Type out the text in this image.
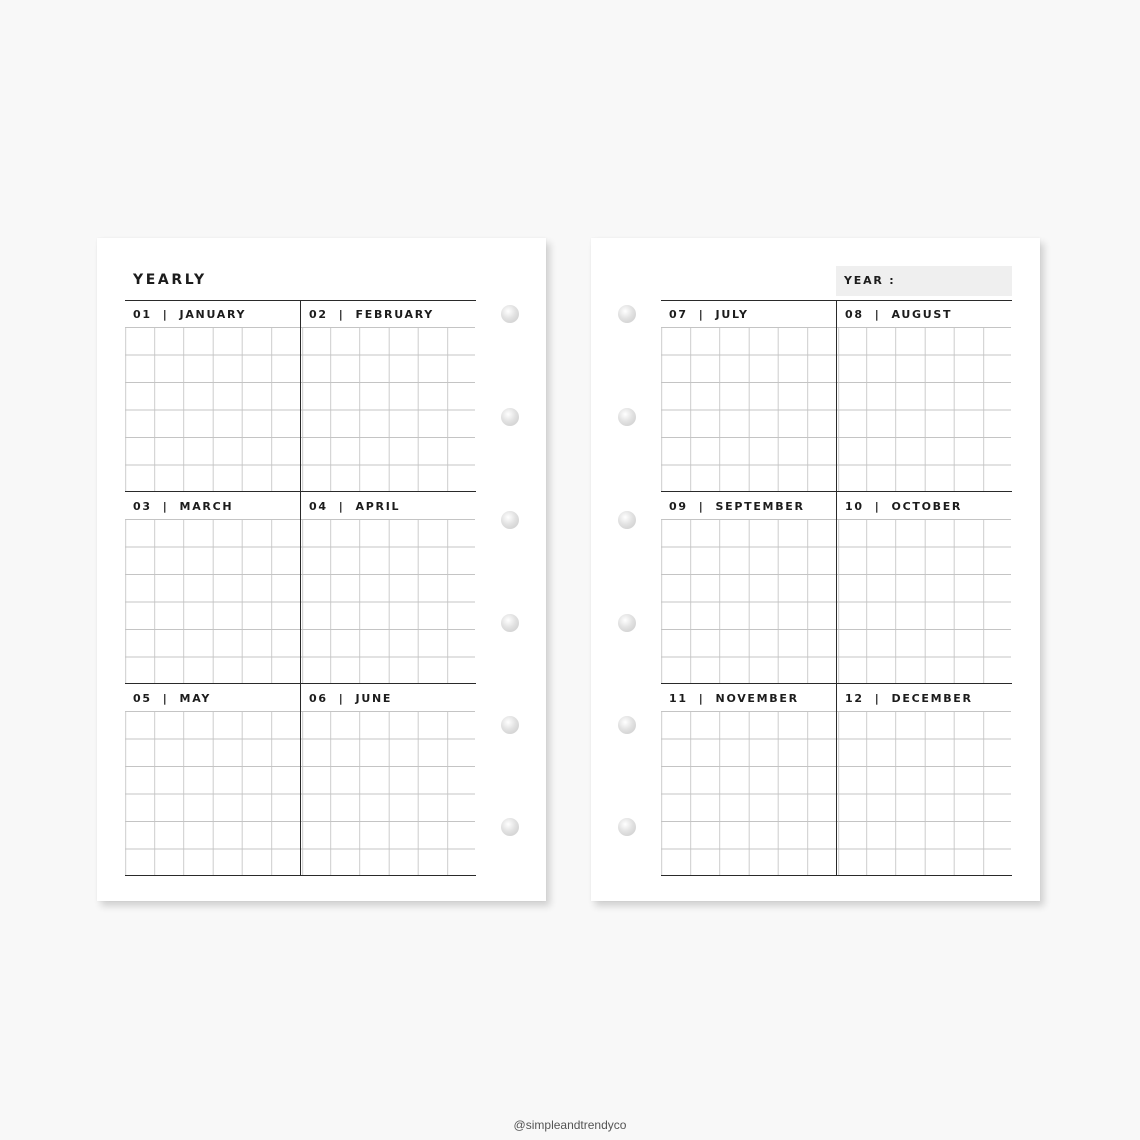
YEARLY
01  |  JANUARY	02  |  FEBRUARY
03  |  MARCH	04  |  APRIL
05  |  MAY	06  |  JUNE
YEAR :
07  |  JULY	08  |  AUGUST
09  |  SEPTEMBER	10  |  OCTOBER
11  |  NOVEMBER	12  |  DECEMBER
@simpleandtrendyco
